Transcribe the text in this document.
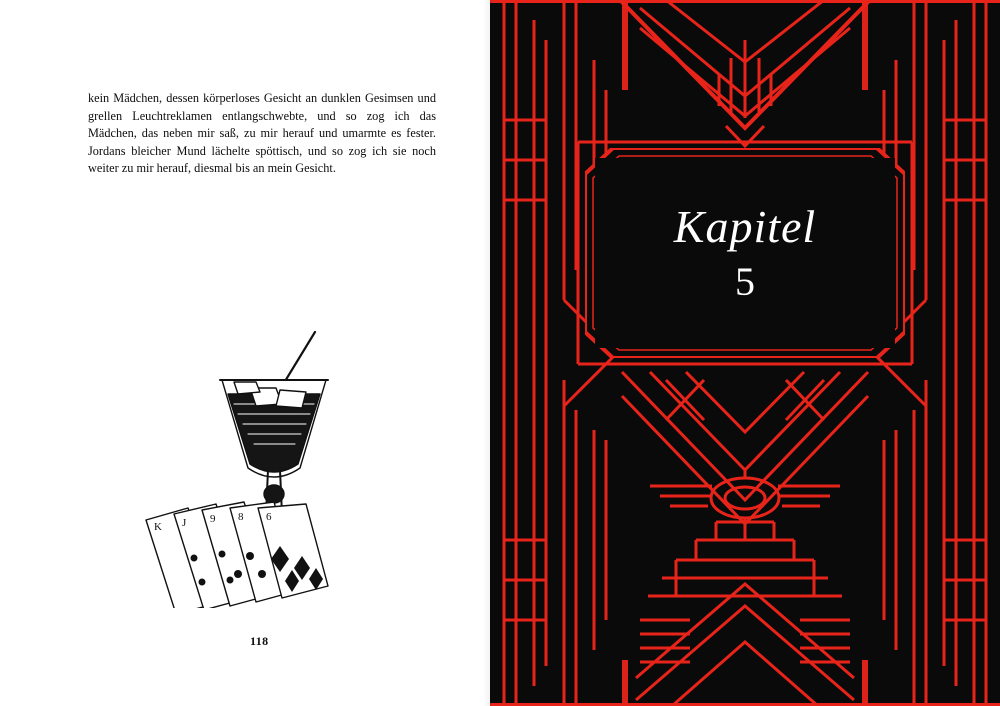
kein Mädchen, dessen körperloses Gesicht an dunklen Gesimsen und grellen Leuchtreklamen entlangschwebte, und so zog ich das Mädchen, das neben mir saß, zu mir herauf und umarmte es fester. Jordans bleicher Mund lächelte spöttisch, und so zog ich sie noch weiter zu mir herauf, diesmal bis an mein Gesicht.

K J 9 8 6
118
Kapitel
5
